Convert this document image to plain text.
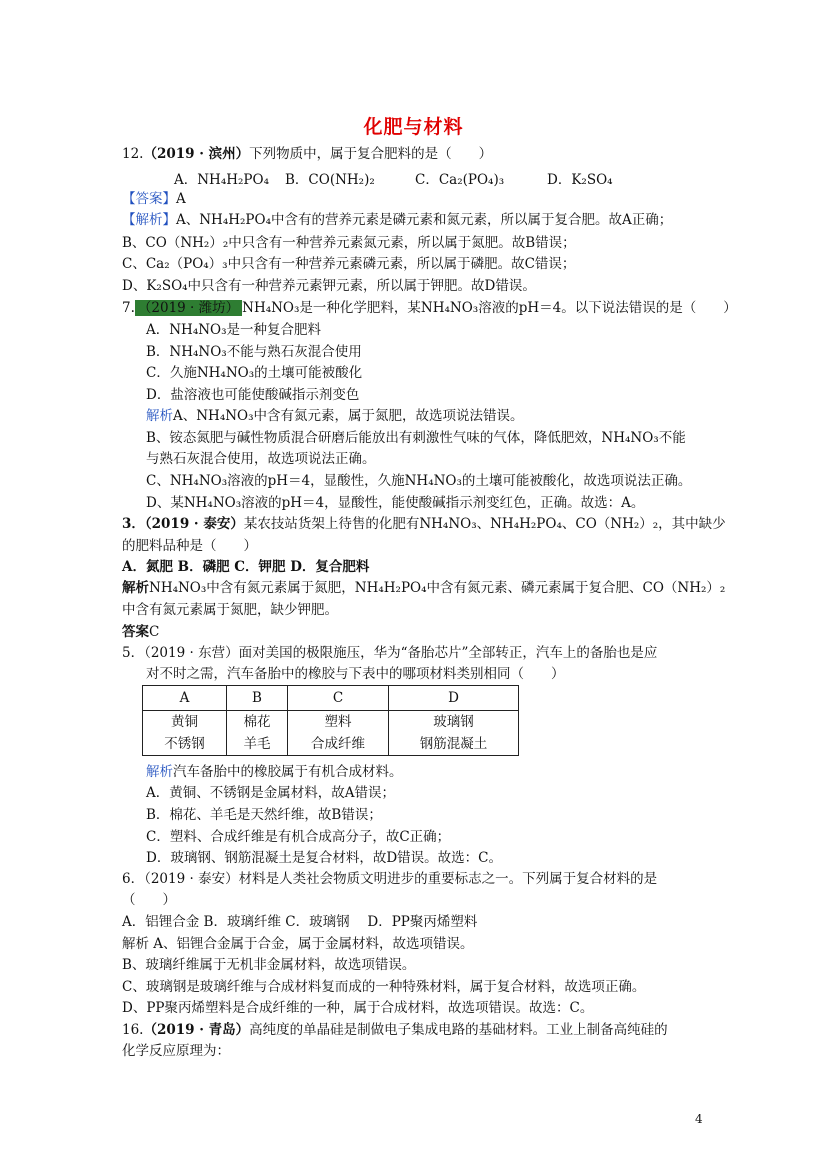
化肥与材料
12.（2019 · 滨州）下列物质中，属于复合肥料的是（　　）
A．NH₄H₂PO₄ B．CO(NH₂)₂	C．Ca₂(PO₄)₃	D．K₂SO₄
【答案】A
【解析】A、NH₄H₂PO₄中含有的营养元素是磷元素和氮元素，所以属于复合肥。故A正确；
B、CO（NH₂）₂中只含有一种营养元素氮元素，所以属于氮肥。故B错误；
C、Ca₂（PO₄）₃中只含有一种营养元素磷元素，所以属于磷肥。故C错误；
D、K₂SO₄中只含有一种营养元素钾元素，所以属于钾肥。故D错误。
7. （2019 · 潍坊） NH₄NO₃是一种化学肥料，某NH₄NO₃溶液的pH＝4。以下说法错误的是（　　）
A．NH₄NO₃是一种复合肥料
B．NH₄NO₃不能与熟石灰混合使用
C．久施NH₄NO₃的土壤可能被酸化
D．盐溶液也可能使酸碱指示剂变色
解析A、NH₄NO₃中含有氮元素，属于氮肥，故选项说法错误。
B、铵态氮肥与碱性物质混合研磨后能放出有刺激性气味的气体，降低肥效，NH₄NO₃不能
与熟石灰混合使用，故选项说法正确。
C、NH₄NO₃溶液的pH＝4，显酸性，久施NH₄NO₃的土壤可能被酸化，故选项说法正确。
D、某NH₄NO₃溶液的pH＝4，显酸性，能使酸碱指示剂变红色，正确。故选：A。
3．（2019 · 泰安）某农技站货架上待售的化肥有NH₄NO₃、NH₄H₂PO₄、CO（NH₂）₂，其中缺少
的肥料品种是（　　）
A．氮肥 B．磷肥 C．钾肥 D．复合肥料
解析NH₄NO₃中含有氮元素属于氮肥，NH₄H₂PO₄中含有氮元素、磷元素属于复合肥、CO（NH₂）₂
中含有氮元素属于氮肥，缺少钾肥。
答案C
5．（2019 · 东营）面对美国的极限施压，华为“备胎芯片”全部转正，汽车上的备胎也是应
对不时之需，汽车备胎中的橡胶与下表中的哪项材料类别相同（　　）
A	B	C	D
黄铜	棉花	塑料	玻璃钢
不锈钢	羊毛	合成纤维	钢筋混凝土
解析汽车备胎中的橡胶属于有机合成材料。
A．黄铜、不锈钢是金属材料，故A错误；
B．棉花、羊毛是天然纤维，故B错误；
C．塑料、合成纤维是有机合成高分子，故C正确；
D．玻璃钢、钢筋混凝土是复合材料，故D错误。故选：C。
6．（2019 · 泰安）材料是人类社会物质文明进步的重要标志之一。下列属于复合材料的是
（　　）
A．铝锂合金 B．玻璃纤维 C．玻璃钢　 D．PP聚丙烯塑料
解析 A、铝锂合金属于合金，属于金属材料，故选项错误。
B、玻璃纤维属于无机非金属材料，故选项错误。
C、玻璃钢是玻璃纤维与合成材料复而成的一种特殊材料，属于复合材料，故选项正确。
D、PP聚丙烯塑料是合成纤维的一种，属于合成材料，故选项错误。故选：C。
16.（2019 · 青岛）高纯度的单晶硅是制做电子集成电路的基础材料。工业上制备高纯硅的
化学反应原理为：
4
